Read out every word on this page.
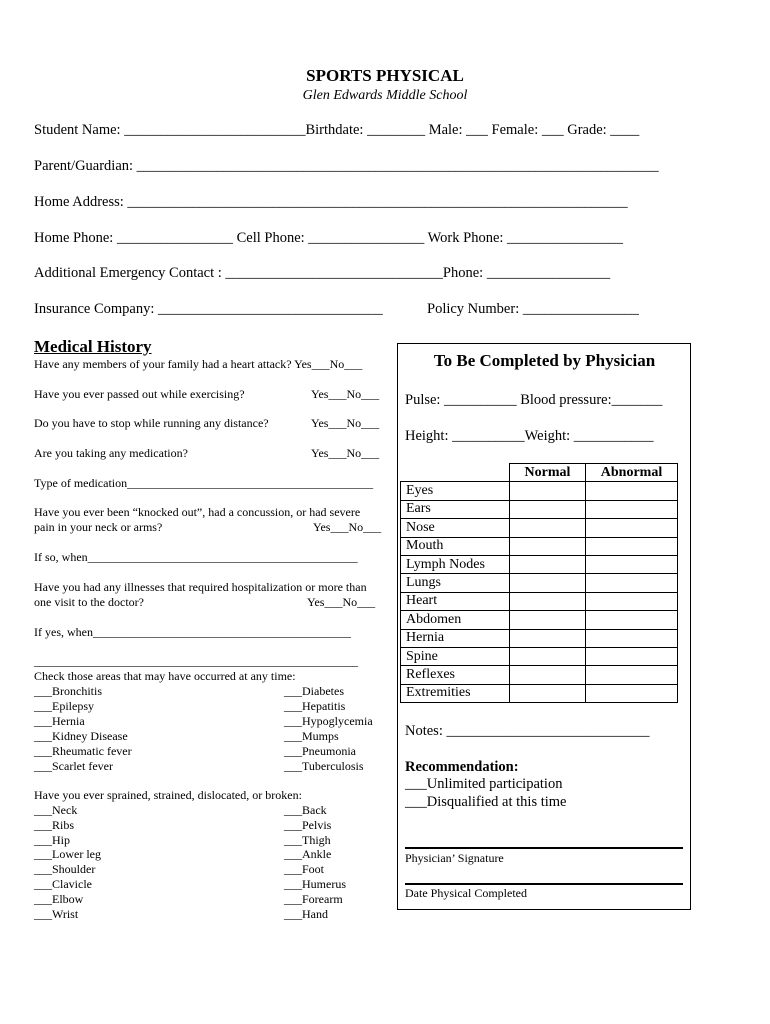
SPORTS PHYSICAL
Glen Edwards Middle School
Student Name: _________________________Birthdate: ________ Male: ___ Female: ___ Grade: ____
Parent/Guardian: ________________________________________________________________________
Home Address: _____________________________________________________________________
Home Phone: ________________ Cell Phone: ________________ Work Phone: ________________
Additional Emergency Contact : ______________________________Phone: _________________
Insurance Company: _______________________________	Policy Number: ________________
Medical History
Have any members of your family had a heart attack? Yes___No___
Have you ever passed out while exercising?	Yes___No___
Do you have to stop while running any distance?	Yes___No___
Are you taking any medication?	Yes___No___
Type of medication_________________________________________
Have you ever been “knocked out”, had a concussion, or had severe
pain in your neck or arms?	Yes___No___
If so, when_____________________________________________
Have you had any illnesses that required hospitalization or more than
one visit to the doctor?	Yes___No___
If yes, when___________________________________________
______________________________________________________
Check those areas that may have occurred at any time:
___Bronchitis
___Epilepsy
___Hernia
___Kidney Disease
___Rheumatic fever
___Scarlet fever
___Diabetes
___Hepatitis
___Hypoglycemia
___Mumps
___Pneumonia
___Tuberculosis
Have you ever sprained, strained, dislocated, or broken:
___Neck
___Ribs
___Hip
___Lower leg
___Shoulder
___Clavicle
___Elbow
___Wrist
___Back
___Pelvis
___Thigh
___Ankle
___Foot
___Humerus
___Forearm
___Hand
To Be Completed by Physician
Pulse: __________ Blood pressure:_______
Height: __________Weight: ___________
	Normal	Abnormal
Eyes		
Ears		
Nose		
Mouth		
Lymph Nodes		
Lungs		
Heart		
Abdomen		
Hernia		
Spine		
Reflexes		
Extremities		
Notes: ____________________________
Recommendation:
___Unlimited participation
___Disqualified at this time
Physician’ Signature
Date Physical Completed
